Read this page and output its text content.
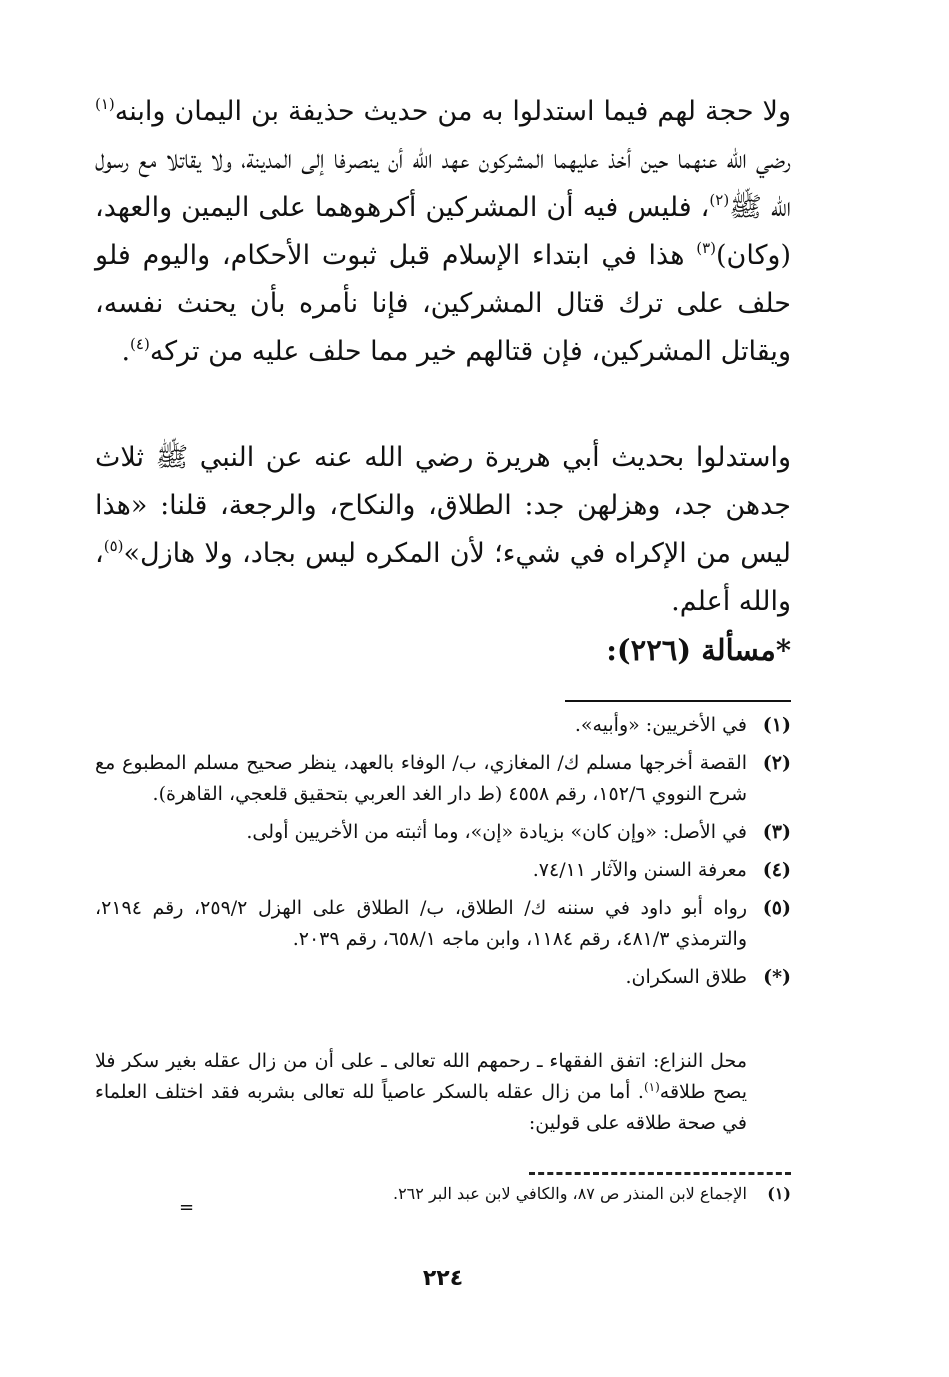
ولا حجة لهم فيما استدلوا به من حديث حذيفة بن اليمان وابنه$^{(١)}$ رضي الله عنهما حين أخذ عليهما المشركون عهد الله أن ينصرفا إلى المدينة، ولا يقاتلا مع رسول الله ﷺ$^{(٢)}$، فليس فيه أن المشركين أكرهوهما على اليمين والعهد، (وكان)$^{(٣)}$ هذا في ابتداء الإسلام قبل ثبوت الأحكام، واليوم فلو حلف على ترك قتال المشركين، فإنا نأمره بأن يحنث نفسه، ويقاتل المشركين، فإن قتالهم خير مما حلف عليه من تركه$^{(٤)}$.

واستدلوا بحديث أبي هريرة رضي الله عنه عن النبي ﷺ ثلاث جدهن جد، وهزلهن جد: الطلاق، والنكاح، والرجعة، قلنا: «هذا ليس من الإكراه في شيء؛ لأن المكره ليس بجاد، ولا هازل»$^{(٥)}$، والله أعلم.

*مسألة (٢٢٦):
(١)
في الأخريين: «وأبيه».
(٢)
القصة أخرجها مسلم ك/ المغازي، ب/ الوفاء بالعهد، ينظر صحيح مسلم المطبوع مع شرح النووي ١٥٢/٦، رقم ٤٥٥٨ (ط دار الغد العربي بتحقيق قلعجي، القاهرة).
(٣)
في الأصل: «وإن كان» بزيادة «إن»، وما أثبته من الأخريين أولى.
(٤)
معرفة السنن والآثار ٧٤/١١.
(٥)
رواه أبو داود في سننه ك/ الطلاق، ب/ الطلاق على الهزل ٢٥٩/٢، رقم ٢١٩٤، والترمذي ٤٨١/٣، رقم ١١٨٤، وابن ماجه ٦٥٨/١، رقم ٢٠٣٩.
(*)
طلاق السكران.

محل النزاع: اتفق الفقهاء ـ رحمهم الله تعالى ـ على أن من زال عقله بغير سكر فلا يصح طلاقه$^{(١)}$. أما من زال عقله بالسكر عاصياً لله تعالى بشربه فقد اختلف العلماء في صحة طلاقه على قولين:

=
(١)
الإجماع لابن المنذر ص ٨٧، والكافي لابن عبد البر ٢٦٢.
٢٢٤
